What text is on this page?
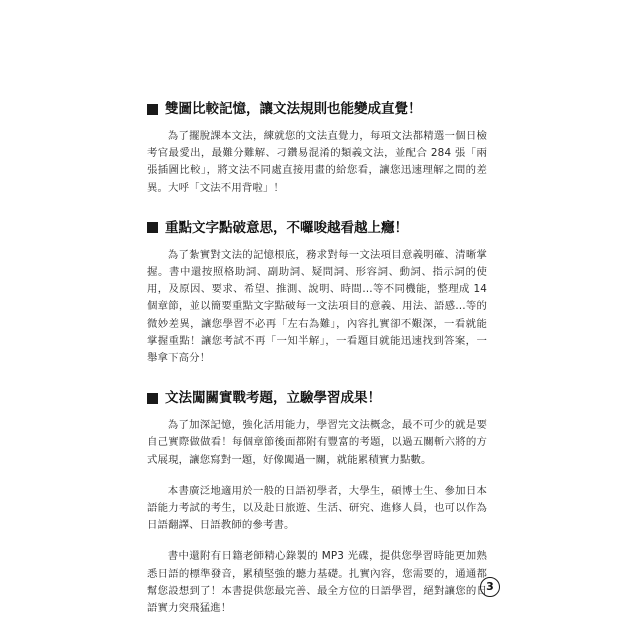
雙圖比較記憶，讓文法規則也能變成直覺！

為了擺脫課本文法，練就您的文法直覺力，每項文法都精選一個日檢考官最愛出，最難分難解、刁鑽易混淆的類義文法，並配合 284 張「兩張插圖比較」，將文法不同處直接用畫的給您看，讓您迅速理解之間的差異。大呼「文法不用背啦」！

重點文字點破意思，不囉唆越看越上癮！

為了紮實對文法的記憶根底，務求對每一文法項目意義明確、清晰掌握。書中還按照格助詞、副助詞、疑問詞、形容詞、動詞、指示詞的使用，及原因、要求、希望、推測、說明、時間…等不同機能，整理成 14 個章節，並以簡要重點文字點破每一文法項目的意義、用法、語感…等的微妙差異，讓您學習不必再「左右為難」，內容扎實卻不艱深，一看就能掌握重點！讓您考試不再「一知半解」，一看題目就能迅速找到答案，一舉拿下高分！

文法闖關實戰考題，立驗學習成果！

為了加深記憶，強化活用能力，學習完文法概念，最不可少的就是要自己實際做做看！每個章節後面都附有豐富的考題，以過五關斬六將的方式展現，讓您寫對一題，好像闖過一關，就能累積實力點數。

本書廣泛地適用於一般的日語初學者，大學生，碩博士生、參加日本語能力考試的考生，以及赴日旅遊、生活、研究、進修人員，也可以作為日語翻譯、日語教師的參考書。

書中還附有日籍老師精心錄製的 MP3 光碟，提供您學習時能更加熟悉日語的標準發音，累積堅強的聽力基礎。扎實內容，您需要的，通通都幫您設想到了！本書提供您最完善、最全方位的日語學習，絕對讓您的日語實力突飛猛進！

3
